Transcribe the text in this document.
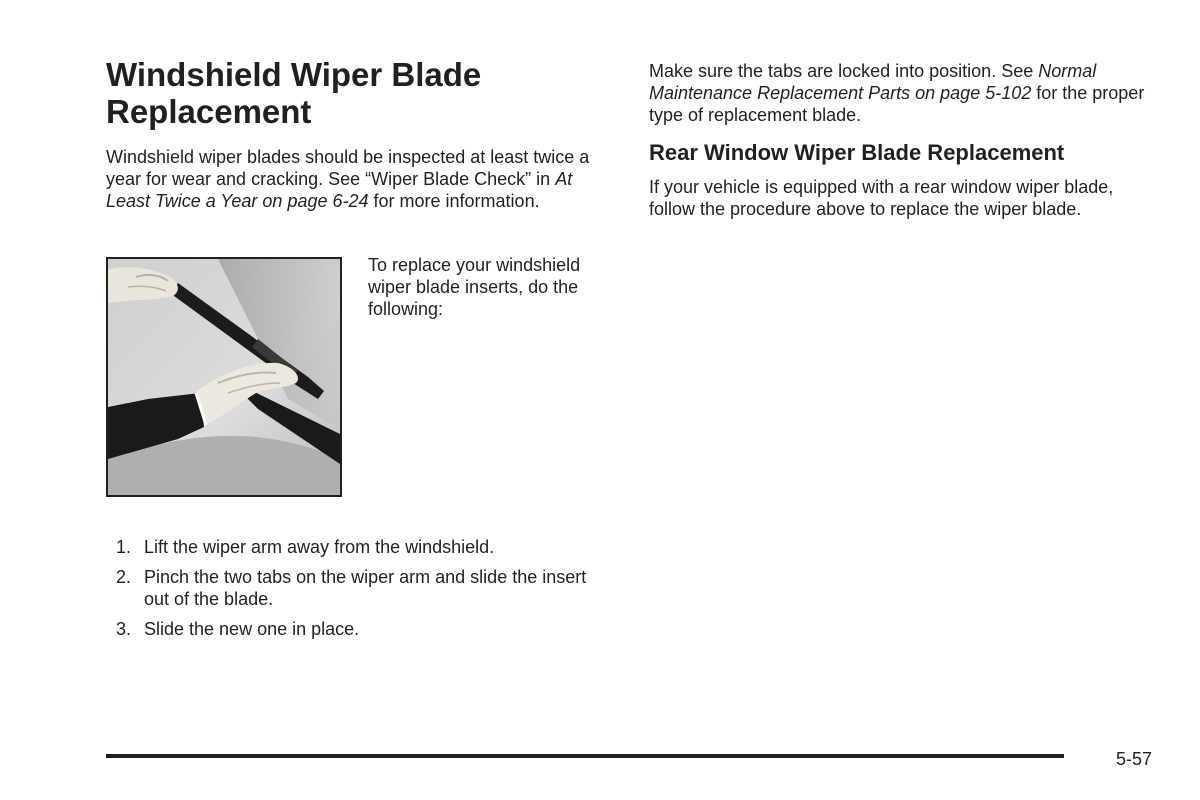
Windshield Wiper Blade Replacement
Windshield wiper blades should be inspected at least twice a year for wear and cracking. See “Wiper Blade Check” in At Least Twice a Year on page 6-24 for more information.
To replace your windshield wiper blade inserts, do the following:
1. Lift the wiper arm away from the windshield.
2. Pinch the two tabs on the wiper arm and slide the insert out of the blade.
3. Slide the new one in place.
Make sure the tabs are locked into position. See Normal Maintenance Replacement Parts on page 5-102 for the proper type of replacement blade.
Rear Window Wiper Blade Replacement
If your vehicle is equipped with a rear window wiper blade, follow the procedure above to replace the wiper blade.
5-57
